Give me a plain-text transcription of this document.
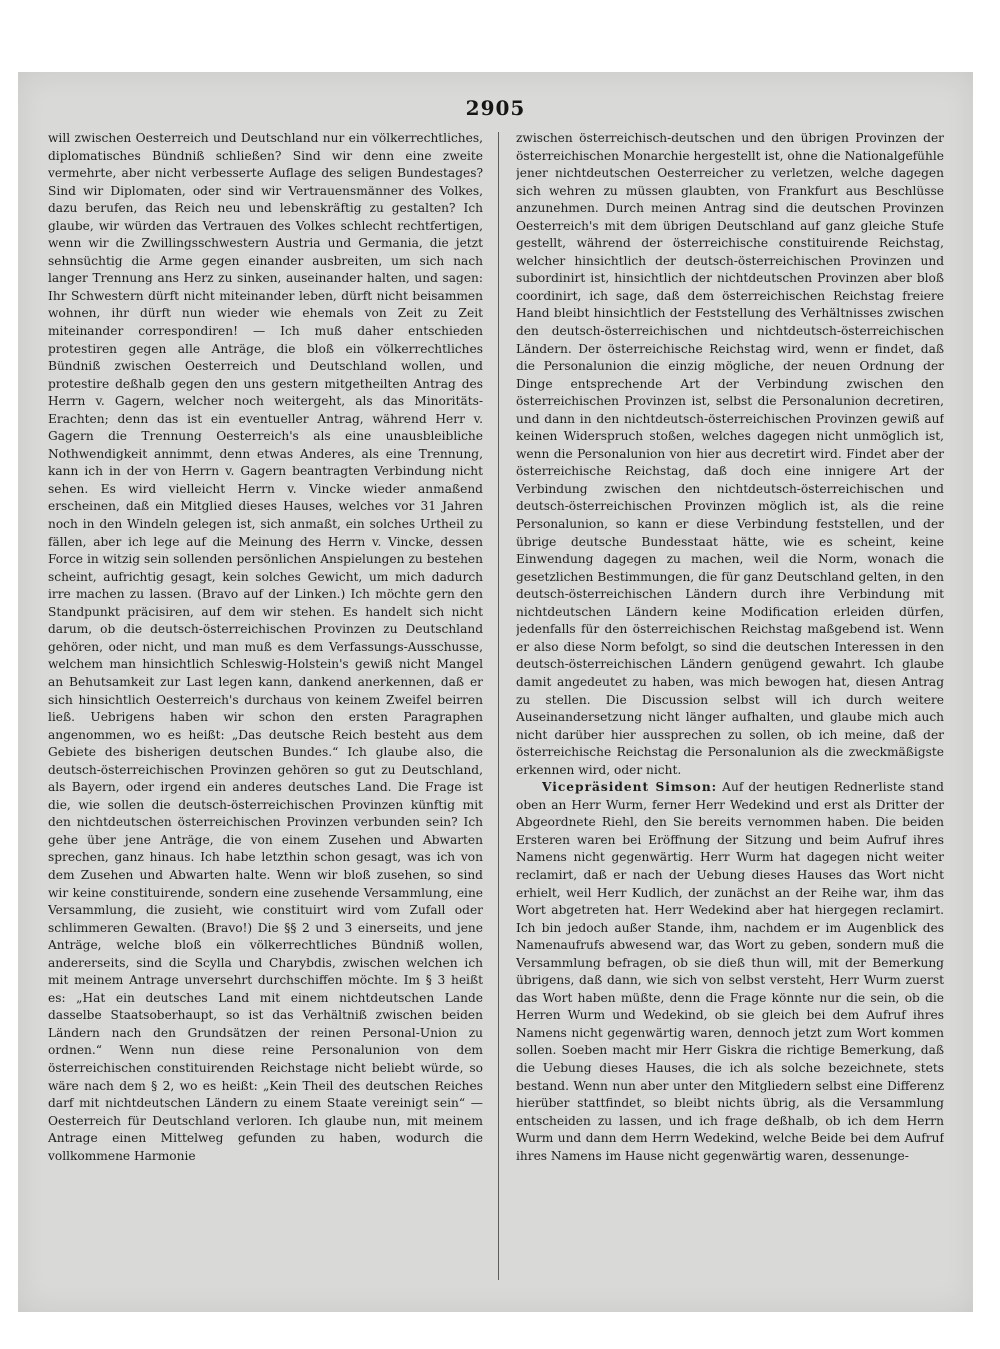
2905

will zwischen Oesterreich und Deutschland nur ein völkerrechtliches, diplomatisches Bündniß schließen? Sind wir denn eine zweite vermehrte, aber nicht verbesserte Auflage des seligen Bundestages? Sind wir Diplomaten, oder sind wir Vertrauensmänner des Volkes, dazu berufen, das Reich neu und lebenskräftig zu gestalten? Ich glaube, wir würden das Vertrauen des Volkes schlecht rechtfertigen, wenn wir die Zwillingsschwestern Austria und Germania, die jetzt sehnsüchtig die Arme gegen einander ausbreiten, um sich nach langer Trennung ans Herz zu sinken, auseinander halten, und sagen: Ihr Schwestern dürft nicht miteinander leben, dürft nicht beisammen wohnen, ihr dürft nun wieder wie ehemals von Zeit zu Zeit miteinander correspondiren! — Ich muß daher entschieden protestiren gegen alle Anträge, die bloß ein völkerrechtliches Bündniß zwischen Oesterreich und Deutschland wollen, und protestire deßhalb gegen den uns gestern mitgetheilten Antrag des Herrn v. Gagern, welcher noch weitergeht, als das Minoritäts-Erachten; denn das ist ein eventueller Antrag, während Herr v. Gagern die Trennung Oesterreich's als eine unausbleibliche Nothwendigkeit annimmt, denn etwas Anderes, als eine Trennung, kann ich in der von Herrn v. Gagern beantragten Verbindung nicht sehen. Es wird vielleicht Herrn v. Vincke wieder anmaßend erscheinen, daß ein Mitglied dieses Hauses, welches vor 31 Jahren noch in den Windeln gelegen ist, sich anmaßt, ein solches Urtheil zu fällen, aber ich lege auf die Meinung des Herrn v. Vincke, dessen Force in witzig sein sollenden persönlichen Anspielungen zu bestehen scheint, aufrichtig gesagt, kein solches Gewicht, um mich dadurch irre machen zu lassen. (Bravo auf der Linken.) Ich möchte gern den Standpunkt präcisiren, auf dem wir stehen. Es handelt sich nicht darum, ob die deutsch-österreichischen Provinzen zu Deutschland gehören, oder nicht, und man muß es dem Verfassungs-Ausschusse, welchem man hinsichtlich Schleswig-Holstein's gewiß nicht Mangel an Behutsamkeit zur Last legen kann, dankend anerkennen, daß er sich hinsichtlich Oesterreich's durchaus von keinem Zweifel beirren ließ. Uebrigens haben wir schon den ersten Paragraphen angenommen, wo es heißt: „Das deutsche Reich besteht aus dem Gebiete des bisherigen deutschen Bundes.“ Ich glaube also, die deutsch-österreichischen Provinzen gehören so gut zu Deutschland, als Bayern, oder irgend ein anderes deutsches Land. Die Frage ist die, wie sollen die deutsch-österreichischen Provinzen künftig mit den nichtdeutschen österreichischen Provinzen verbunden sein? Ich gehe über jene Anträge, die von einem Zusehen und Abwarten sprechen, ganz hinaus. Ich habe letzthin schon gesagt, was ich von dem Zusehen und Abwarten halte. Wenn wir bloß zusehen, so sind wir keine constituirende, sondern eine zusehende Versammlung, eine Versammlung, die zusieht, wie constituirt wird vom Zufall oder schlimmeren Gewalten. (Bravo!) Die §§ 2 und 3 einerseits, und jene Anträge, welche bloß ein völkerrechtliches Bündniß wollen, andererseits, sind die Scylla und Charybdis, zwischen welchen ich mit meinem Antrage unversehrt durchschiffen möchte. Im § 3 heißt es: „Hat ein deutsches Land mit einem nichtdeutschen Lande dasselbe Staatsoberhaupt, so ist das Verhältniß zwischen beiden Ländern nach den Grundsätzen der reinen Personal-Union zu ordnen.“ Wenn nun diese reine Personalunion von dem österreichischen constituirenden Reichstage nicht beliebt würde, so wäre nach dem § 2, wo es heißt: „Kein Theil des deutschen Reiches darf mit nichtdeutschen Ländern zu einem Staate vereinigt sein“ — Oesterreich für Deutschland verloren. Ich glaube nun, mit meinem Antrage einen Mittelweg gefunden zu haben, wodurch die vollkommene Harmonie

zwischen österreichisch-deutschen und den übrigen Provinzen der österreichischen Monarchie hergestellt ist, ohne die Nationalgefühle jener nichtdeutschen Oesterreicher zu verletzen, welche dagegen sich wehren zu müssen glaubten, von Frankfurt aus Beschlüsse anzunehmen. Durch meinen Antrag sind die deutschen Provinzen Oesterreich's mit dem übrigen Deutschland auf ganz gleiche Stufe gestellt, während der österreichische constituirende Reichstag, welcher hinsichtlich der deutsch-österreichischen Provinzen und subordinirt ist, hinsichtlich der nichtdeutschen Provinzen aber bloß coordinirt, ich sage, daß dem österreichischen Reichstag freiere Hand bleibt hinsichtlich der Feststellung des Verhältnisses zwischen den deutsch-österreichischen und nichtdeutsch-österreichischen Ländern. Der österreichische Reichstag wird, wenn er findet, daß die Personalunion die einzig mögliche, der neuen Ordnung der Dinge entsprechende Art der Verbindung zwischen den österreichischen Provinzen ist, selbst die Personalunion decretiren, und dann in den nichtdeutsch-österreichischen Provinzen gewiß auf keinen Widerspruch stoßen, welches dagegen nicht unmöglich ist, wenn die Personalunion von hier aus decretirt wird. Findet aber der österreichische Reichstag, daß doch eine innigere Art der Verbindung zwischen den nichtdeutsch-österreichischen und deutsch-österreichischen Provinzen möglich ist, als die reine Personalunion, so kann er diese Verbindung feststellen, und der übrige deutsche Bundesstaat hätte, wie es scheint, keine Einwendung dagegen zu machen, weil die Norm, wonach die gesetzlichen Bestimmungen, die für ganz Deutschland gelten, in den deutsch-österreichischen Ländern durch ihre Verbindung mit nichtdeutschen Ländern keine Modification erleiden dürfen, jedenfalls für den österreichischen Reichstag maßgebend ist. Wenn er also diese Norm befolgt, so sind die deutschen Interessen in den deutsch-österreichischen Ländern genügend gewahrt. Ich glaube damit angedeutet zu haben, was mich bewogen hat, diesen Antrag zu stellen. Die Discussion selbst will ich durch weitere Auseinandersetzung nicht länger aufhalten, und glaube mich auch nicht darüber hier aussprechen zu sollen, ob ich meine, daß der österreichische Reichstag die Personalunion als die zweckmäßigste erkennen wird, oder nicht.

Vicepräsident Simson: Auf der heutigen Rednerliste stand oben an Herr Wurm, ferner Herr Wedekind und erst als Dritter der Abgeordnete Riehl, den Sie bereits vernommen haben. Die beiden Ersteren waren bei Eröffnung der Sitzung und beim Aufruf ihres Namens nicht gegenwärtig. Herr Wurm hat dagegen nicht weiter reclamirt, daß er nach der Uebung dieses Hauses das Wort nicht erhielt, weil Herr Kudlich, der zunächst an der Reihe war, ihm das Wort abgetreten hat. Herr Wedekind aber hat hiergegen reclamirt. Ich bin jedoch außer Stande, ihm, nachdem er im Augenblick des Namenaufrufs abwesend war, das Wort zu geben, sondern muß die Versammlung befragen, ob sie dieß thun will, mit der Bemerkung übrigens, daß dann, wie sich von selbst versteht, Herr Wurm zuerst das Wort haben müßte, denn die Frage könnte nur die sein, ob die Herren Wurm und Wedekind, ob sie gleich bei dem Aufruf ihres Namens nicht gegenwärtig waren, dennoch jetzt zum Wort kommen sollen. Soeben macht mir Herr Giskra die richtige Bemerkung, daß die Uebung dieses Hauses, die ich als solche bezeichnete, stets bestand. Wenn nun aber unter den Mitgliedern selbst eine Differenz hierüber stattfindet, so bleibt nichts übrig, als die Versammlung entscheiden zu lassen, und ich frage deßhalb, ob ich dem Herrn Wurm und dann dem Herrn Wedekind, welche Beide bei dem Aufruf ihres Namens im Hause nicht gegenwärtig waren, dessenunge-
